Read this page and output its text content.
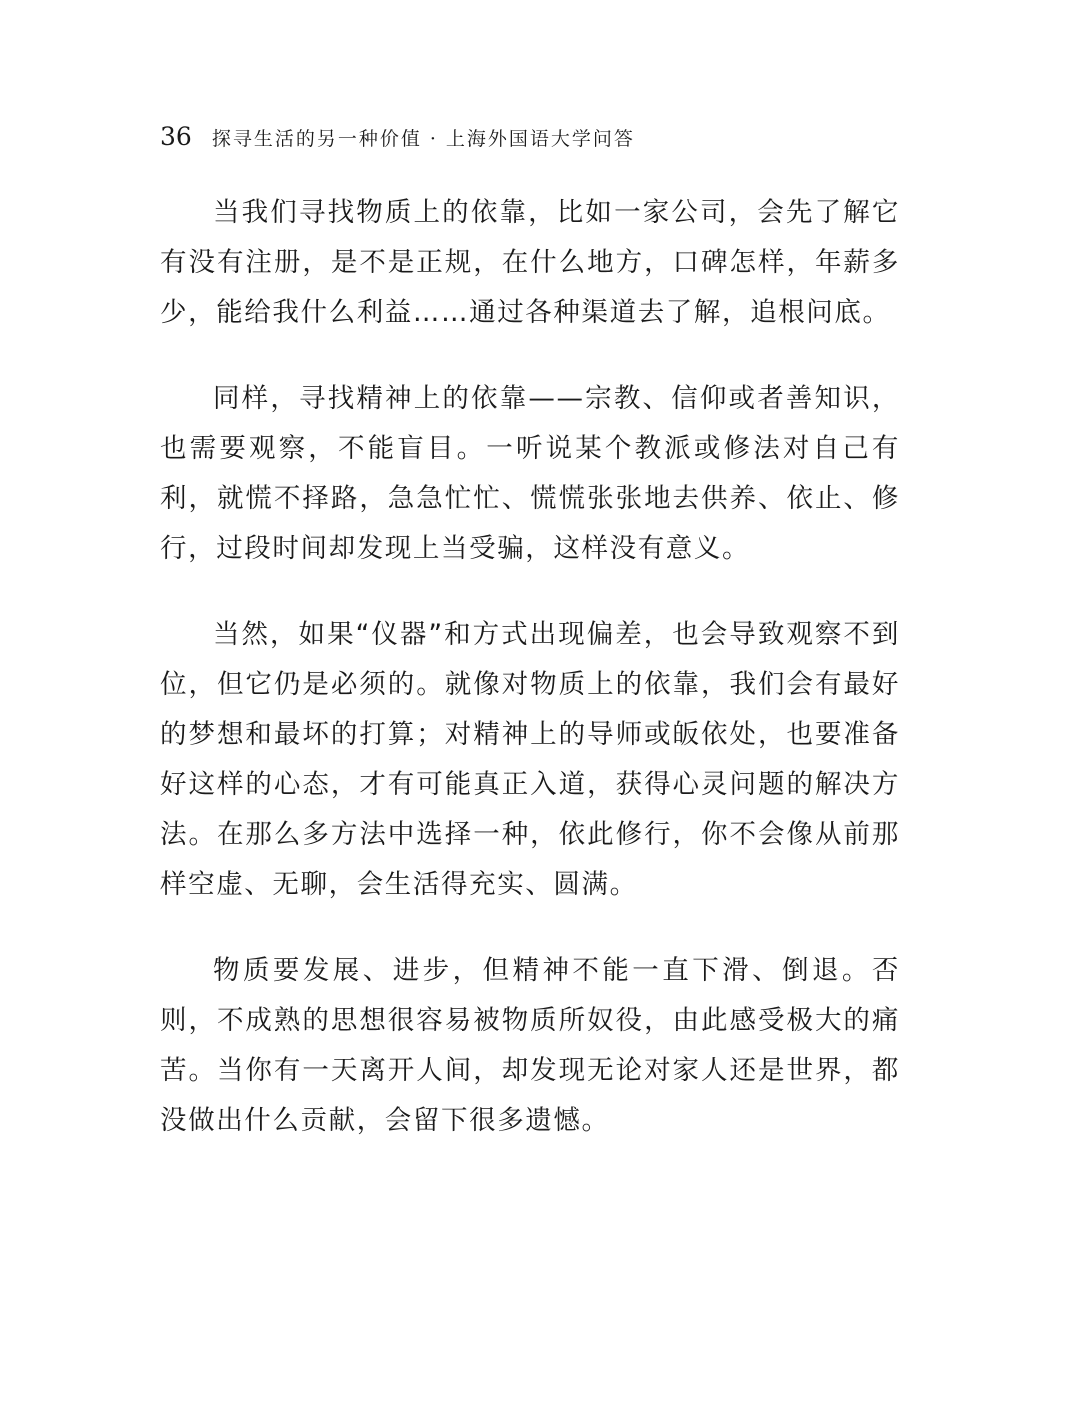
36 探寻生活的另一种价值 · 上海外国语大学问答

当我们寻找物质上的依靠，比如一家公司，会先了解它有没有注册，是不是正规，在什么地方，口碑怎样，年薪多少，能给我什么利益……通过各种渠道去了解，追根问底。

同样，寻找精神上的依靠——宗教、信仰或者善知识，也需要观察，不能盲目。一听说某个教派或修法对自己有利，就慌不择路，急急忙忙、慌慌张张地去供养、依止、修行，过段时间却发现上当受骗，这样没有意义。

当然，如果“仪器”和方式出现偏差，也会导致观察不到位，但它仍是必须的。就像对物质上的依靠，我们会有最好的梦想和最坏的打算；对精神上的导师或皈依处，也要准备好这样的心态，才有可能真正入道，获得心灵问题的解决方法。在那么多方法中选择一种，依此修行，你不会像从前那样空虚、无聊，会生活得充实、圆满。

物质要发展、进步，但精神不能一直下滑、倒退。否则，不成熟的思想很容易被物质所奴役，由此感受极大的痛苦。当你有一天离开人间，却发现无论对家人还是世界，都没做出什么贡献，会留下很多遗憾。
